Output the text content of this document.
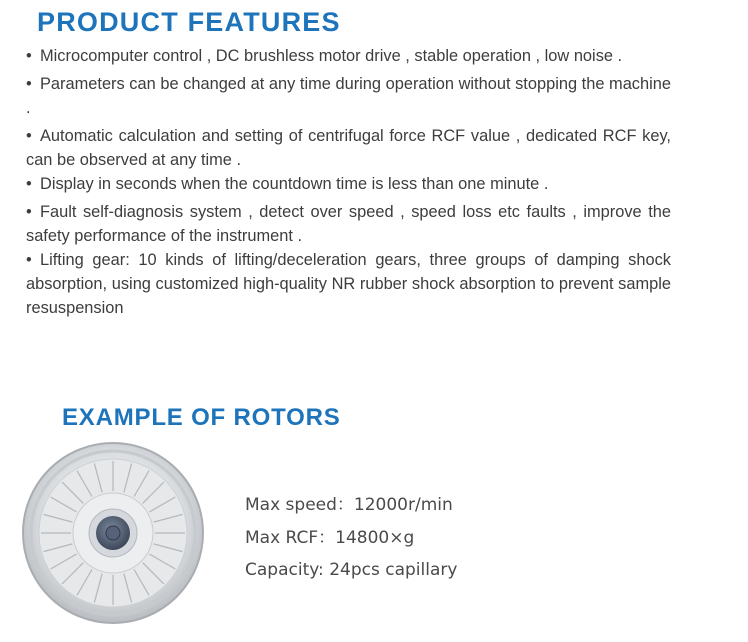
PRODUCT FEATURES

• Microcomputer control , DC brushless motor drive , stable operation , low noise .

• Parameters can be changed at any time during operation without stopping the machine .

• Automatic calculation and setting of centrifugal force RCF value , dedicated RCF key, can be observed at any time .

• Display in seconds when the countdown time is less than one minute .

• Fault self-diagnosis system , detect over speed , speed loss etc faults , improve the safety performance of the instrument .

• Lifting gear: 10 kinds of lifting/deceleration gears, three groups of damping shock absorption, using customized high-quality NR rubber shock absorption to prevent sample resuspension

EXAMPLE OF ROTORS
Max speed：12000r/min
Max RCF：14800×g
Capacity: 24pcs capillary
